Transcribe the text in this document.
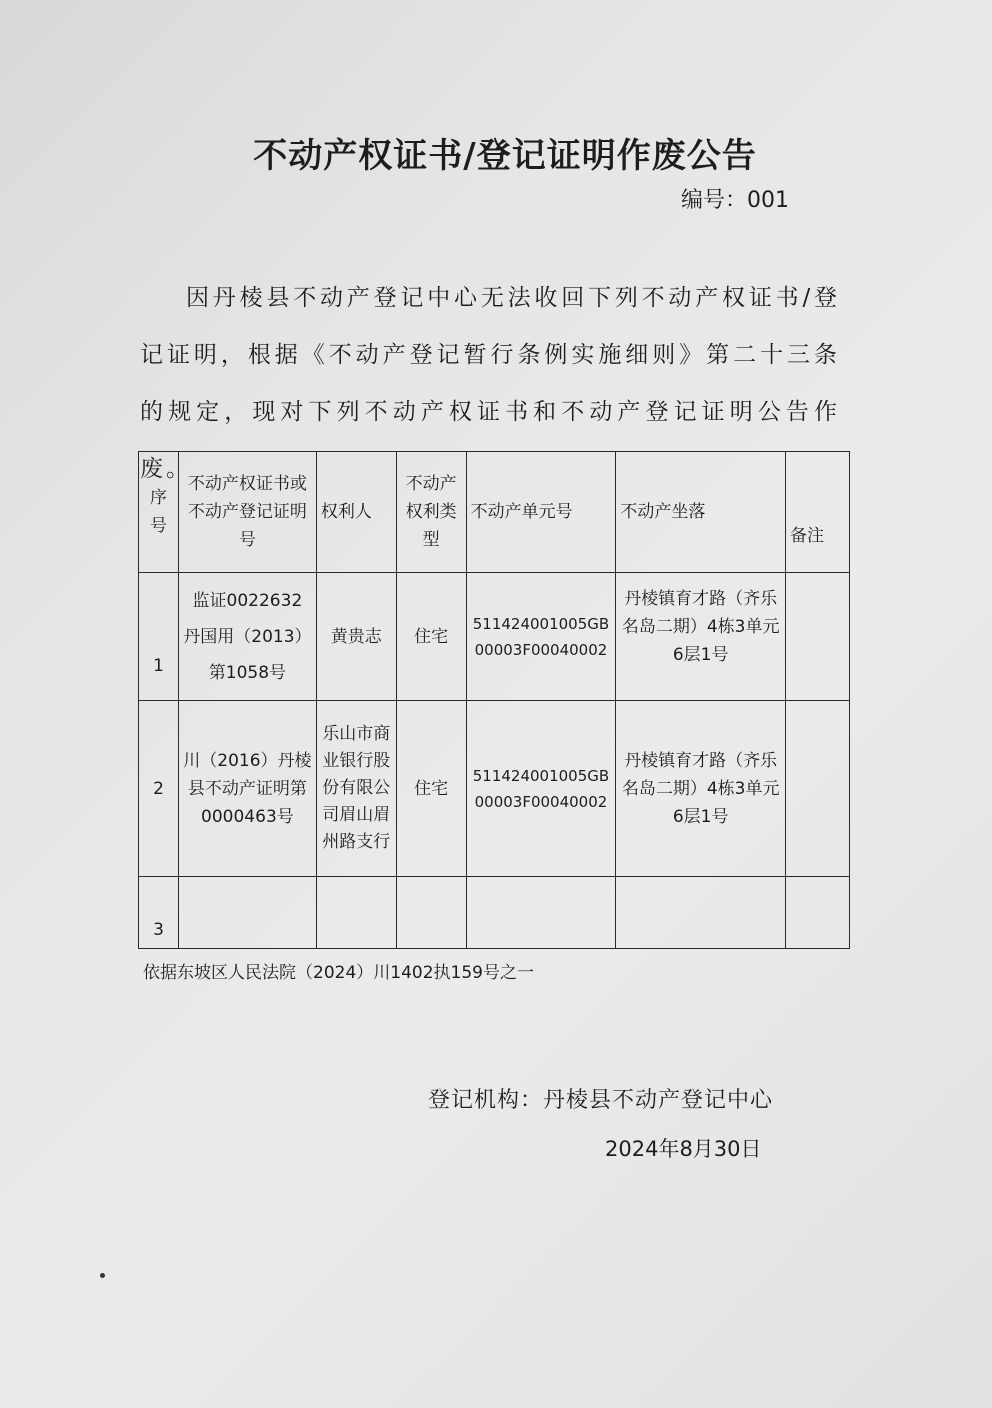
不动产权证书/登记证明作废公告
编号：001
因丹棱县不动产登记中心无法收回下列不动产权证书/登记证明，根据《不动产登记暂行条例实施细则》第二十三条的规定，现对下列不动产权证书和不动产登记证明公告作废。
序号	不动产权证书或不动产登记证明号	权利人	不动产权利类型	不动产单元号	不动产坐落	备注
1	监证0022632
丹国用（2013）
第1058号	黄贵志	住宅	511424001005GB00003F00040002	丹棱镇育才路（齐乐名岛二期）4栋3单元6层1号	
2	川（2016）丹棱县不动产证明第0000463号	乐山市商业银行股份有限公司眉山眉州路支行	住宅	511424001005GB00003F00040002	丹棱镇育才路（齐乐名岛二期）4栋3单元6层1号	
3						
依据东坡区人民法院（2024）川1402执159号之一
登记机构：丹棱县不动产登记中心
2024年8月30日
